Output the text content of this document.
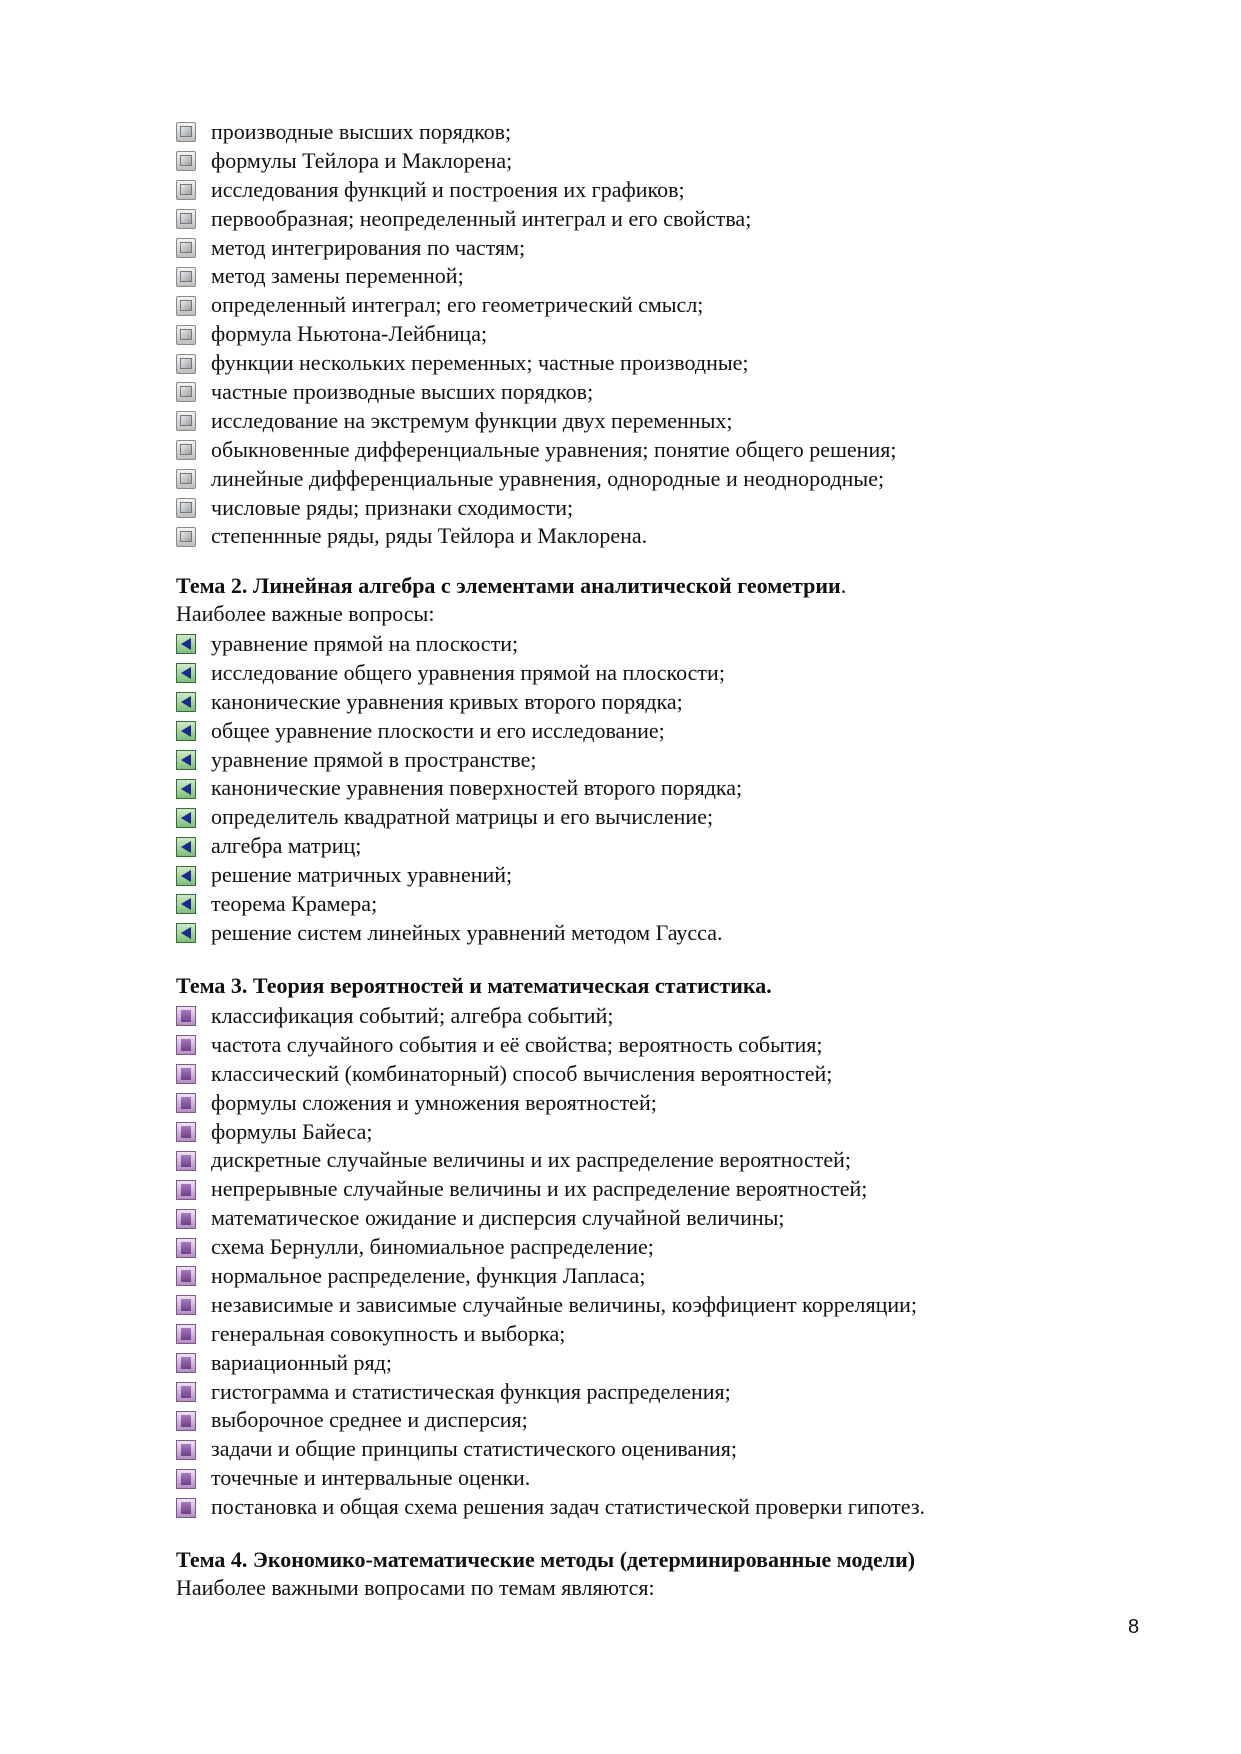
производные высших порядков;
формулы Тейлора и Маклорена;
исследования функций и построения их графиков;
первообразная; неопределенный интеграл и его свойства;
метод интегрирования по частям;
метод замены переменной;
определенный интеграл; его геометрический смысл;
формула Ньютона-Лейбница;
функции нескольких переменных; частные производные;
частные производные высших порядков;
исследование на экстремум функции двух переменных;
обыкновенные дифференциальные уравнения; понятие общего решения;
линейные дифференциальные уравнения, однородные и неоднородные;
числовые ряды; признаки сходимости;
степеннные ряды, ряды Тейлора и Маклорена.
Тема 2. Линейная алгебра с элементами аналитической геометрии.
Наиболее важные вопросы:
уравнение прямой на плоскости;
исследование общего уравнения прямой на плоскости;
канонические уравнения кривых второго порядка;
общее уравнение плоскости и его исследование;
уравнение прямой в пространстве;
канонические уравнения поверхностей второго порядка;
определитель квадратной матрицы и его вычисление;
алгебра матриц;
решение матричных уравнений;
теорема Крамера;
решение систем линейных уравнений методом Гаусса.
Тема 3. Теория вероятностей и математическая статистика.
классификация событий; алгебра событий;
частота случайного события и её свойства; вероятность события;
классический (комбинаторный) способ вычисления вероятностей;
формулы сложения и умножения вероятностей;
формулы Байеса;
дискретные случайные величины и их распределение вероятностей;
непрерывные случайные величины и их распределение вероятностей;
математическое ожидание и дисперсия случайной величины;
схема Бернулли, биномиальное распределение;
нормальное распределение, функция Лапласа;
независимые и зависимые случайные величины, коэффициент корреляции;
генеральная совокупность и выборка;
вариационный ряд;
гистограмма и статистическая функция распределения;
выборочное среднее и дисперсия;
задачи и общие принципы статистического оценивания;
точечные и интервальные оценки.
постановка и общая схема решения задач статистической проверки гипотез.
Тема 4. Экономико-математические методы (детерминированные модели)
Наиболее важными вопросами по темам являются:
8
